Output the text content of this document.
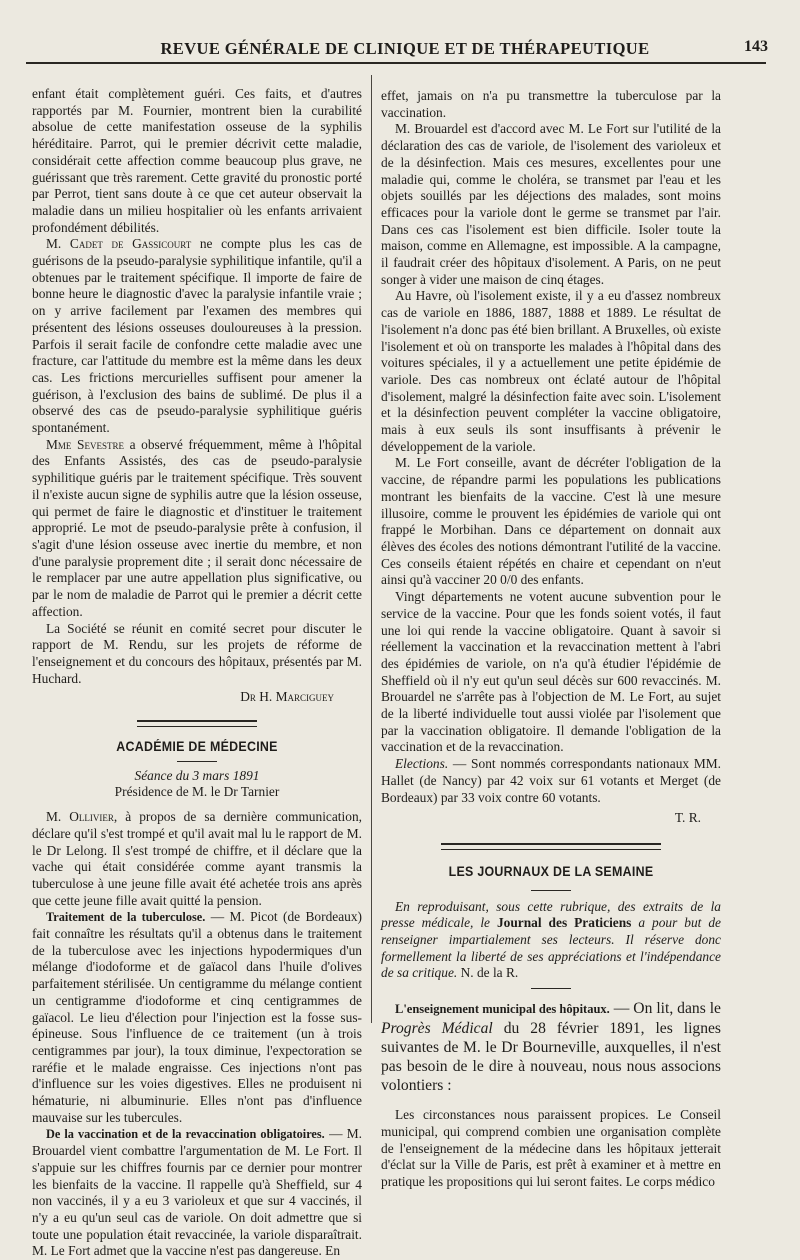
REVUE GÉNÉRALE DE CLINIQUE ET DE THÉRAPEUTIQUE	143

enfant était complètement guéri. Ces faits, et d'autres rapportés par M. Fournier, montrent bien la curabilité absolue de cette manifestation osseuse de la syphilis héréditaire. Parrot, qui le premier décrivit cette maladie, considérait cette affection comme beaucoup plus grave, ne guérissant que très rarement. Cette gravité du pronostic porté par Perrot, tient sans doute à ce que cet auteur observait la maladie dans un milieu hospitalier où les enfants arrivaient profondément débilités.

M. Cadet de Gassicourt ne compte plus les cas de guérisons de la pseudo-paralysie syphilitique infantile, qu'il a obtenues par le traitement spécifique. Il importe de faire de bonne heure le diagnostic d'avec la paralysie infantile vraie ; on y arrive facilement par l'examen des membres qui présentent des lésions osseuses douloureuses à la pression. Parfois il serait facile de confondre cette maladie avec une fracture, car l'attitude du membre est la même dans les deux cas. Les frictions mercurielles suffisent pour amener la guérison, à l'exclusion des bains de sublimé. De plus il a observé des cas de pseudo-paralysie syphilitique guéris spontanément.

Mme Sevestre a observé fréquemment, même à l'hôpital des Enfants Assistés, des cas de pseudo-paralysie syphilitique guéris par le traitement spécifique. Très souvent il n'existe aucun signe de syphilis autre que la lésion osseuse, qui permet de faire le diagnostic et d'instituer le traitement approprié. Le mot de pseudo-paralysie prête à confusion, il s'agit d'une lésion osseuse avec inertie du membre, et non d'une paralysie proprement dite ; il serait donc nécessaire de le remplacer par une autre appellation plus significative, ou par le nom de maladie de Parrot qui le premier a décrit cette affection.

La Société se réunit en comité secret pour discuter le rapport de M. Rendu, sur les projets de réforme de l'enseignement et du concours des hôpitaux, présentés par M. Huchard.

Dr H. Marciguey

ACADÉMIE DE MÉDECINE
Séance du 3 mars 1891
Présidence de M. le Dr Tarnier

M. Ollivier, à propos de sa dernière communication, déclare qu'il s'est trompé et qu'il avait mal lu le rapport de M. le Dr Lelong. Il s'est trompé de chiffre, et il déclare que la vache qui était considérée comme ayant transmis la tuberculose à une jeune fille avait été achetée trois ans après que cette jeune fille avait quitté la pension.

Traitement de la tuberculose. — M. Picot (de Bordeaux) fait connaître les résultats qu'il a obtenus dans le traitement de la tuberculose avec les injections hypodermiques d'un mélange d'iodoforme et de gaïacol dans l'huile d'olives parfaitement stérilisée. Un centigramme du mélange contient un centigramme d'iodoforme et cinq centigrammes de gaïacol. Le lieu d'élection pour l'injection est la fosse sus-épineuse. Sous l'influence de ce traitement (un à trois centigrammes par jour), la toux diminue, l'expectoration se raréfie et le malade engraisse. Ces injections n'ont pas d'influence sur les voies digestives. Elles ne produisent ni hématurie, ni albuminurie. Elles n'ont pas d'influence mauvaise sur les tubercules.

De la vaccination et de la revaccination obligatoires. — M. Brouardel vient combattre l'argumentation de M. Le Fort. Il s'appuie sur les chiffres fournis par ce dernier pour montrer les bienfaits de la vaccine. Il rappelle qu'à Sheffield, sur 4 non vaccinés, il y a eu 3 varioleux et que sur 4 vaccinés, il n'y a eu qu'un seul cas de variole. On doit admettre que si toute une population était revaccinée, la variole disparaîtrait. M. Le Fort admet que la vaccine n'est pas dangereuse. En

effet, jamais on n'a pu transmettre la tuberculose par la vaccination.

M. Brouardel est d'accord avec M. Le Fort sur l'utilité de la déclaration des cas de variole, de l'isolement des varioleux et de la désinfection. Mais ces mesures, excellentes pour une maladie qui, comme le choléra, se transmet par l'eau et les objets souillés par les déjections des malades, sont moins efficaces pour la variole dont le germe se transmet par l'air. Dans ces cas l'isolement est bien difficile. Isoler toute la maison, comme en Allemagne, est impossible. A la campagne, il faudrait créer des hôpitaux d'isolement. A Paris, on ne peut songer à vider une maison de cinq étages.

Au Havre, où l'isolement existe, il y a eu d'assez nombreux cas de variole en 1886, 1887, 1888 et 1889. Le résultat de l'isolement n'a donc pas été bien brillant. A Bruxelles, où existe l'isolement et où on transporte les malades à l'hôpital dans des voitures spéciales, il y a actuellement une petite épidémie de variole. Des cas nombreux ont éclaté autour de l'hôpital d'isolement, malgré la désinfection faite avec soin. L'isolement et la désinfection peuvent compléter la vaccine obligatoire, mais à eux seuls ils sont insuffisants à prévenir le développement de la variole.

M. Le Fort conseille, avant de décréter l'obligation de la vaccine, de répandre parmi les populations les publications montrant les bienfaits de la vaccine. C'est là une mesure illusoire, comme le prouvent les épidémies de variole qui ont frappé le Morbihan. Dans ce département on donnait aux élèves des écoles des notions démontrant l'utilité de la vaccine. Ces conseils étaient répétés en chaire et cependant on n'eut ainsi qu'à vacciner 20 0/0 des enfants.

Vingt départements ne votent aucune subvention pour le service de la vaccine. Pour que les fonds soient votés, il faut une loi qui rende la vaccine obligatoire. Quant à savoir si réellement la vaccination et la revaccination mettent à l'abri des épidémies de variole, on n'a qu'à étudier l'épidémie de Sheffield où il n'y eut qu'un seul décès sur 600 revaccinés. M. Brouardel ne s'arrête pas à l'objection de M. Le Fort, au sujet de la liberté individuelle tout aussi violée par l'isolement que par la vaccination obligatoire. Il demande l'obligation de la vaccination et de la revaccination.

Elections. — Sont nommés correspondants nationaux MM. Hallet (de Nancy) par 42 voix sur 61 votants et Merget (de Bordeaux) par 33 voix contre 60 votants.

T. R.

LES JOURNAUX DE LA SEMAINE

En reproduisant, sous cette rubrique, des extraits de la presse médicale, le Journal des Praticiens a pour but de renseigner impartialement ses lecteurs. Il réserve donc formellement la liberté de ses appréciations et l'indépendance de sa critique. N. de la R.

L'enseignement municipal des hôpitaux. — On lit, dans le Progrès Médical du 28 février 1891, les lignes suivantes de M. le Dr Bourneville, auxquelles, il n'est pas besoin de le dire à nouveau, nous nous associons volontiers :

Les circonstances nous paraissent propices. Le Conseil municipal, qui comprend combien une organisation complète de l'enseignement de la médecine dans les hôpitaux jetterait d'éclat sur la Ville de Paris, est prêt à examiner et à mettre en pratique les propositions qui lui seront faites. Le corps médico
